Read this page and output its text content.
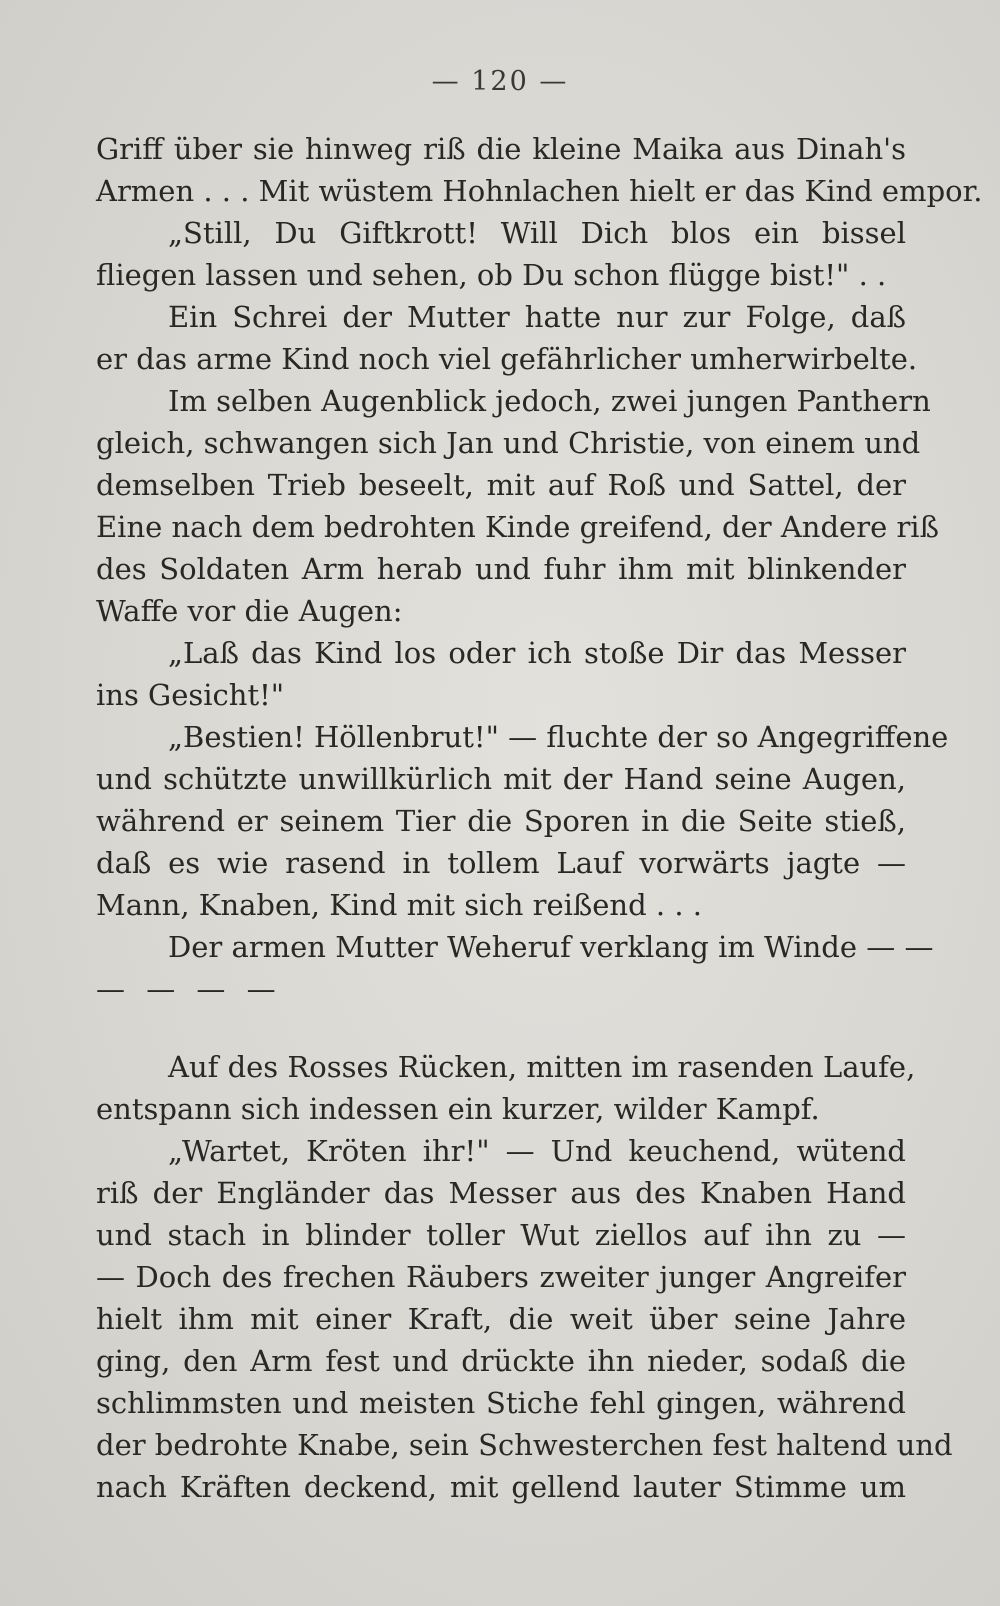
— 120 —
Griff über sie hinweg riß die kleine Maika aus Dinah's
Armen . . . Mit wüstem Hohnlachen hielt er das Kind empor.
„Still, Du Giftkrott! Will Dich blos ein bissel
fliegen lassen und sehen, ob Du schon flügge bist!" . .
Ein Schrei der Mutter hatte nur zur Folge, daß
er das arme Kind noch viel gefährlicher umherwirbelte.
Im selben Augenblick jedoch, zwei jungen Panthern
gleich, schwangen sich Jan und Christie, von einem und
demselben Trieb beseelt, mit auf Roß und Sattel, der
Eine nach dem bedrohten Kinde greifend, der Andere riß
des Soldaten Arm herab und fuhr ihm mit blinkender
Waffe vor die Augen:
„Laß das Kind los oder ich stoße Dir das Messer
ins Gesicht!"
„Bestien! Höllenbrut!" — fluchte der so Angegriffene
und schützte unwillkürlich mit der Hand seine Augen,
während er seinem Tier die Sporen in die Seite stieß,
daß es wie rasend in tollem Lauf vorwärts jagte —
Mann, Knaben, Kind mit sich reißend . . .
Der armen Mutter Weheruf verklang im Winde — —
— — — —
Auf des Rosses Rücken, mitten im rasenden Laufe,
entspann sich indessen ein kurzer, wilder Kampf.
„Wartet, Kröten ihr!" — Und keuchend, wütend
riß der Engländer das Messer aus des Knaben Hand
und stach in blinder toller Wut ziellos auf ihn zu —
— Doch des frechen Räubers zweiter junger Angreifer
hielt ihm mit einer Kraft, die weit über seine Jahre
ging, den Arm fest und drückte ihn nieder, sodaß die
schlimmsten und meisten Stiche fehl gingen, während
der bedrohte Knabe, sein Schwesterchen fest haltend und
nach Kräften deckend, mit gellend lauter Stimme um
